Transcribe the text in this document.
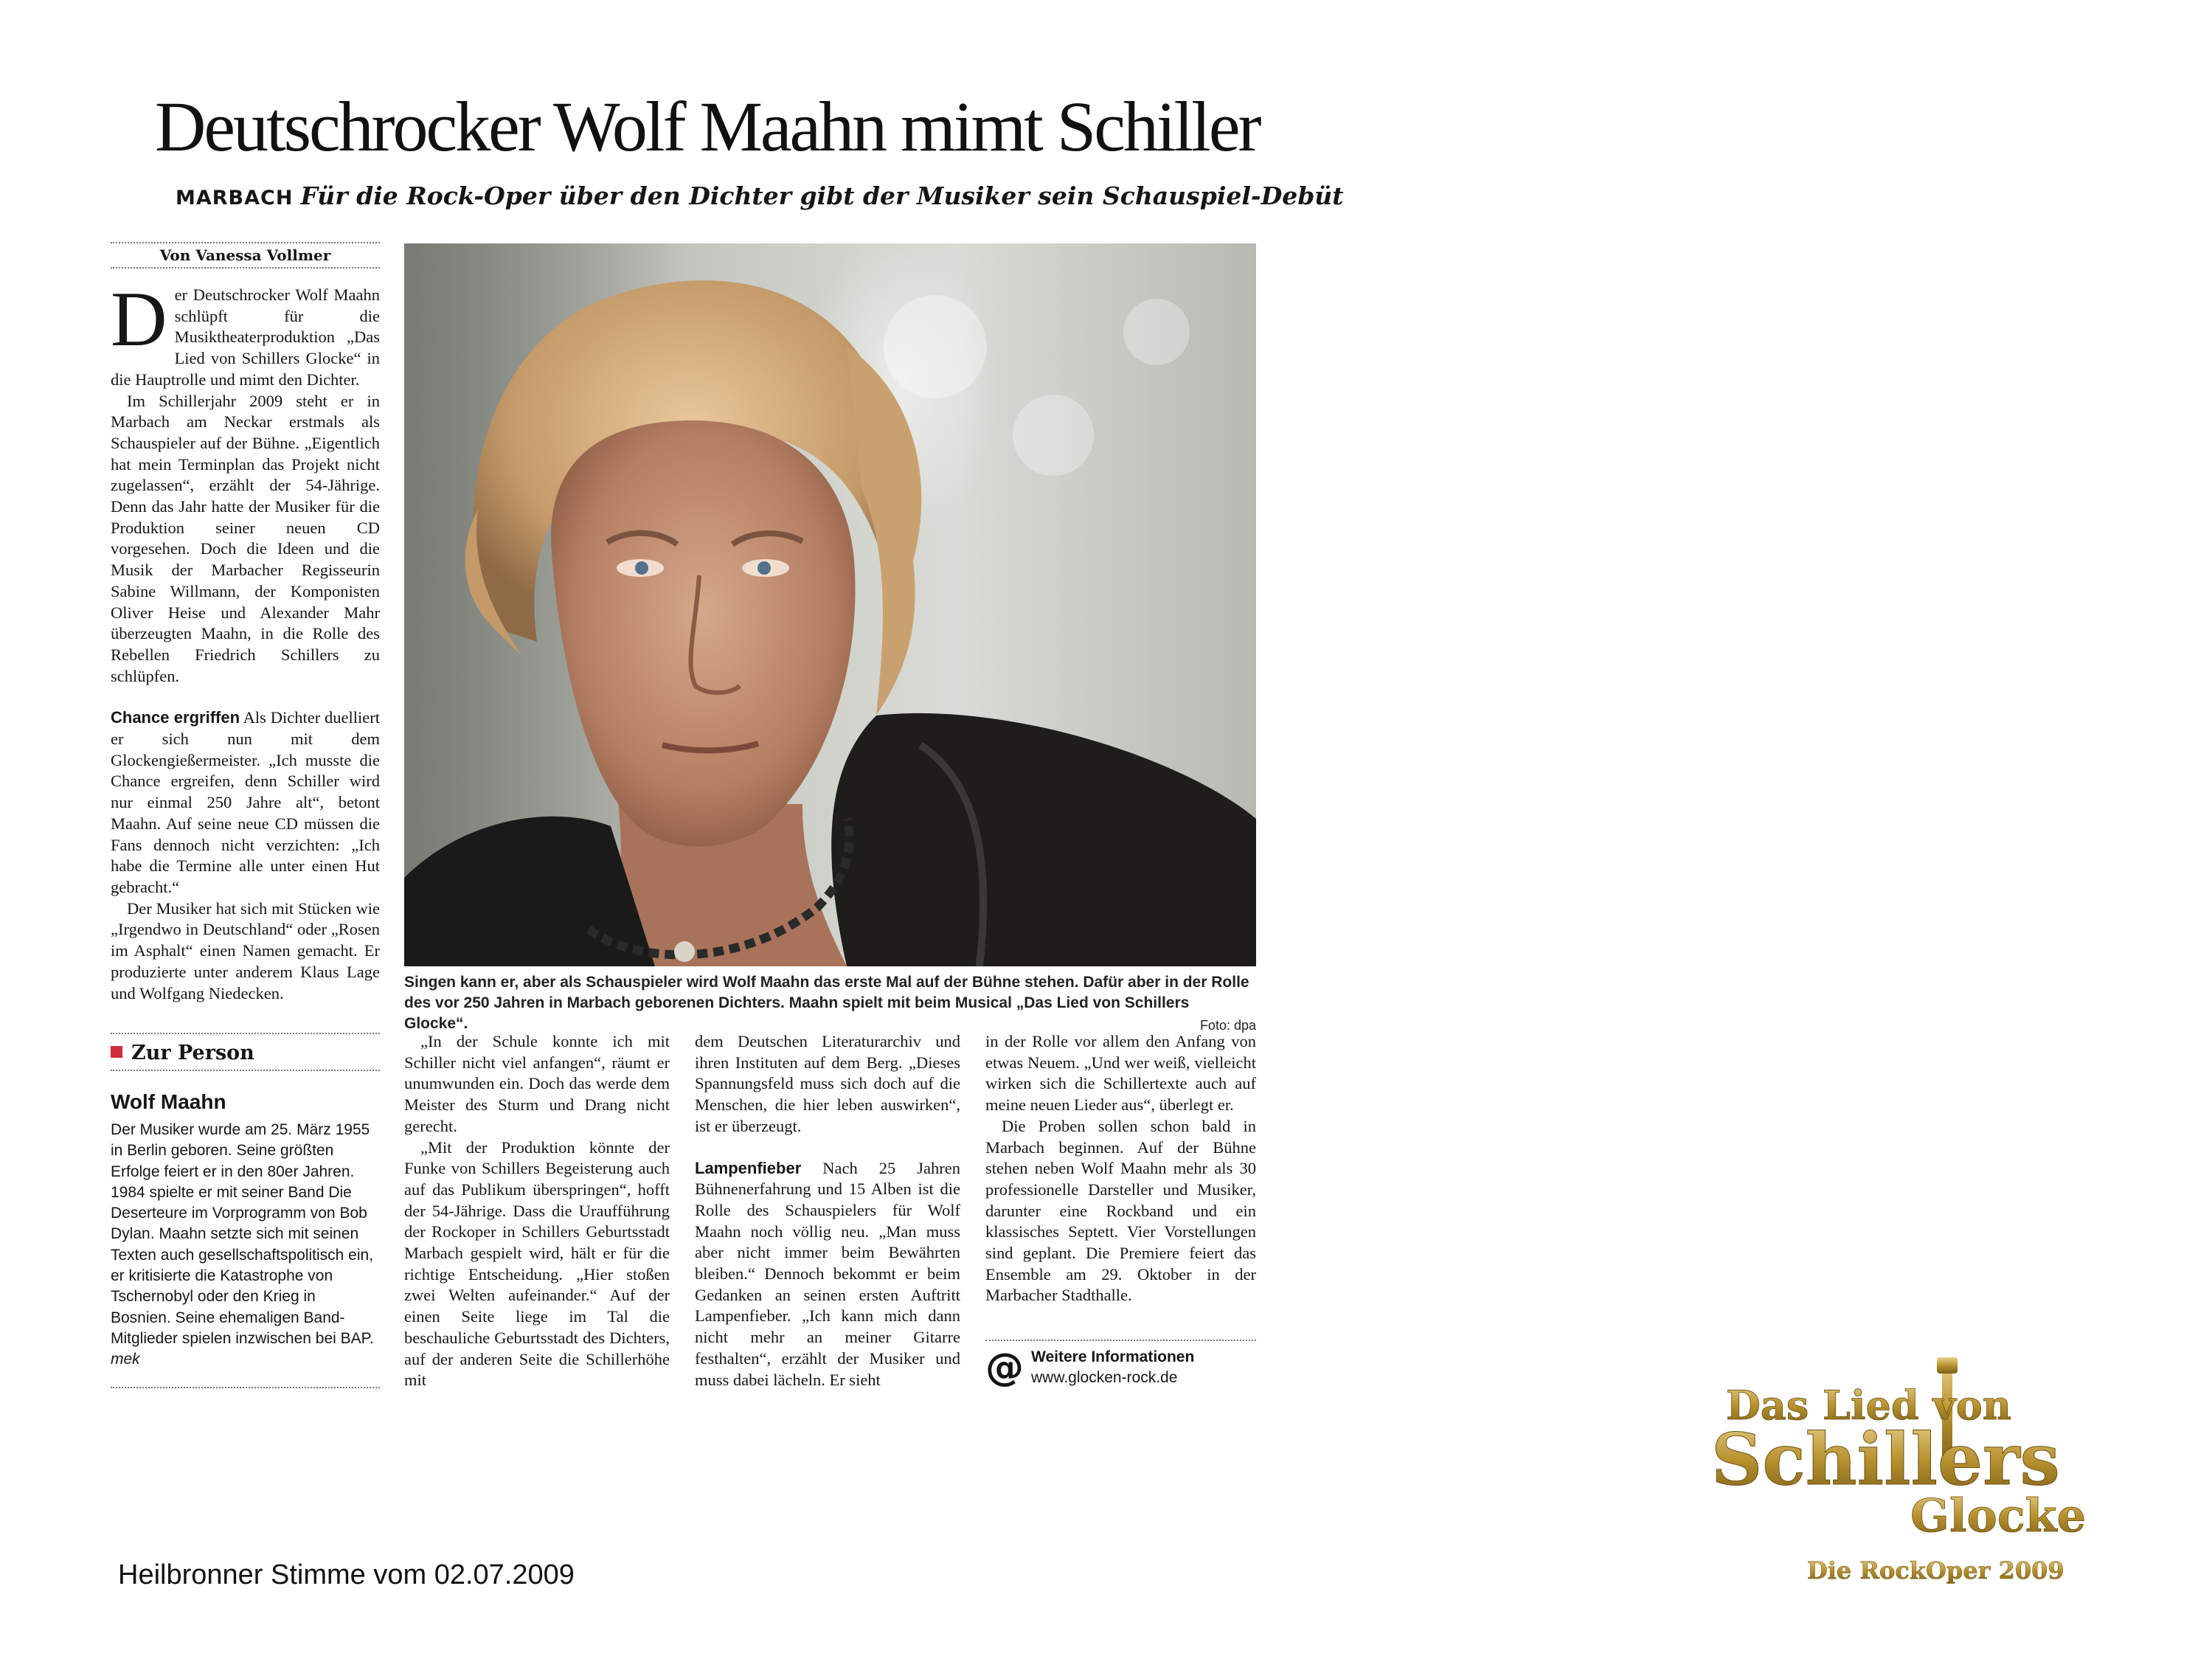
Deutschrocker Wolf Maahn mimt Schiller
MARBACH Für die Rock-Oper über den Dichter gibt der Musiker sein Schauspiel-Debüt
Von Vanessa Vollmer
D er Deutschrocker Wolf Maahn schlüpft für die Musiktheaterproduktion „Das Lied von Schillers Glocke“ in die Hauptrolle und mimt den Dichter.

Im Schillerjahr 2009 steht er in Marbach am Neckar erstmals als Schauspieler auf der Bühne. „Eigentlich hat mein Terminplan das Projekt nicht zugelassen“, erzählt der 54-Jährige. Denn das Jahr hatte der Musiker für die Produktion seiner neuen CD vorgesehen. Doch die Ideen und die Musik der Marbacher Regisseurin Sabine Willmann, der Komponisten Oliver Heise und Alexander Mahr überzeugten Maahn, in die Rolle des Rebellen Friedrich Schillers zu schlüpfen.

Chance ergriffen Als Dichter duelliert er sich nun mit dem Glockengießermeister. „Ich musste die Chance ergreifen, denn Schiller wird nur einmal 250 Jahre alt“, betont Maahn. Auf seine neue CD müssen die Fans dennoch nicht verzichten: „Ich habe die Termine alle unter einen Hut gebracht.“

Der Musiker hat sich mit Stücken wie „Irgendwo in Deutschland“ oder „Rosen im Asphalt“ einen Namen gemacht. Er produzierte unter anderem Klaus Lage und Wolfgang Niedecken.

Singen kann er, aber als Schauspieler wird Wolf Maahn das erste Mal auf der Bühne stehen. Dafür aber in der Rolle des vor 250 Jahren in Marbach geborenen Dichters. Maahn spielt mit beim Musical „Das Lied von Schillers Glocke“.	Foto: dpa
Zur Person
Wolf Maahn
Der Musiker wurde am 25. März 1955 in Berlin geboren. Seine größten Erfolge feiert er in den 80er Jahren. 1984 spielte er mit seiner Band Die Deserteure im Vorprogramm von Bob Dylan. Maahn setzte sich mit seinen Texten auch gesellschaftspolitisch ein, er kritisierte die Katastrophe von Tschernobyl oder den Krieg in Bosnien. Seine ehemaligen Band-Mitglieder spielen inzwischen bei BAP. mek

„In der Schule konnte ich mit Schiller nicht viel anfangen“, räumt er unumwunden ein. Doch das werde dem Meister des Sturm und Drang nicht gerecht.

„Mit der Produktion könnte der Funke von Schillers Begeisterung auch auf das Publikum überspringen“, hofft der 54-Jährige. Dass die Uraufführung der Rockoper in Schillers Geburtsstadt Marbach gespielt wird, hält er für die richtige Entscheidung. „Hier stoßen zwei Welten aufeinander.“ Auf der einen Seite liege im Tal die beschauliche Geburtsstadt des Dichters, auf der anderen Seite die Schillerhöhe mit

dem Deutschen Literaturarchiv und ihren Instituten auf dem Berg. „Dieses Spannungsfeld muss sich doch auf die Menschen, die hier leben auswirken“, ist er überzeugt.

Lampenfieber Nach 25 Jahren Bühnenerfahrung und 15 Alben ist die Rolle des Schauspielers für Wolf Maahn noch völlig neu. „Man muss aber nicht immer beim Bewährten bleiben.“ Dennoch bekommt er beim Gedanken an seinen ersten Auftritt Lampenfieber. „Ich kann mich dann nicht mehr an meiner Gitarre festhalten“, erzählt der Musiker und muss dabei lächeln. Er sieht

in der Rolle vor allem den Anfang von etwas Neuem. „Und wer weiß, vielleicht wirken sich die Schillertexte auch auf meine neuen Lieder aus“, überlegt er.

Die Proben sollen schon bald in Marbach beginnen. Auf der Bühne stehen neben Wolf Maahn mehr als 30 professionelle Darsteller und Musiker, darunter eine Rockband und ein klassisches Septett. Vier Vorstellungen sind geplant. Die Premiere feiert das Ensemble am 29. Oktober in der Marbacher Stadthalle.

@ Weitere Informationen
www.glocken-rock.de
Heilbronner Stimme vom 02.07.2009
Das Lied von
Schillers
Glocke
Die RockOper 2009
